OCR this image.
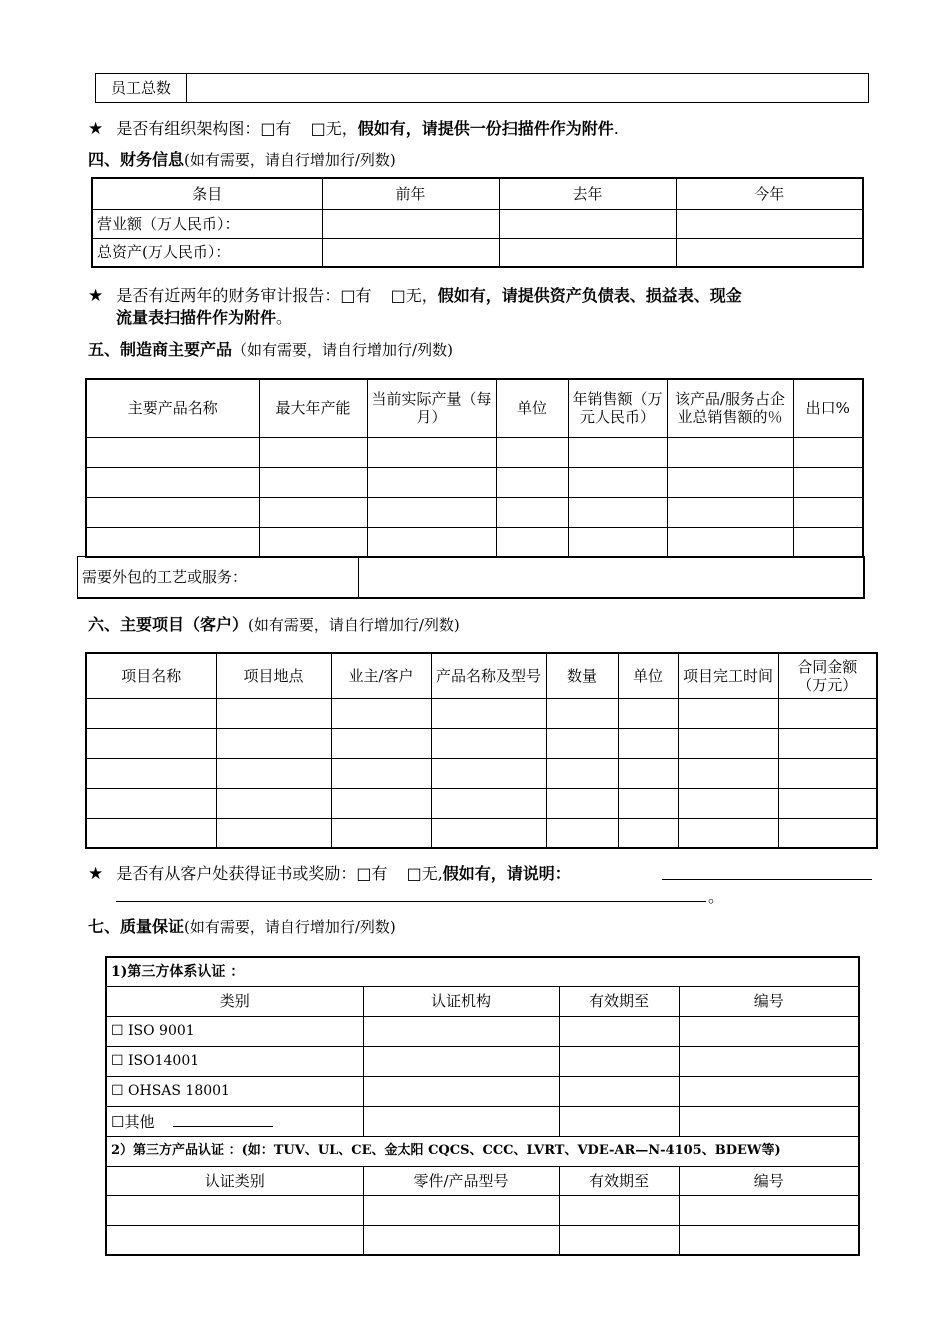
员工总数	
★ 是否有组织架构图：□有 □无，假如有，请提供一份扫描件作为附件.
四、财务信息(如有需要，请自行增加行/列数)
条目	前年	去年	今年
营业额（万人民币）：			
总资产(万人民币）：			
★ 是否有近两年的财务审计报告：□有 □无，假如有，请提供资产负债表、损益表、现金
流量表扫描件作为附件。
五、制造商主要产品（如有需要，请自行增加行/列数)
主要产品名称	最大年产能	当前实际产量（每月）	单位	年销售额（万元人民币）	该产品/服务占企业总销售额的％	出口%

需要外包的工艺或服务：	
六、主要项目（客户）(如有需要，请自行增加行/列数)
项目名称	项目地点	业主/客户	产品名称及型号	数量	单位	项目完工时间	合同金额（万元）

★ 是否有从客户处获得证书或奖励：□有 □无,假如有，请说明：
。
七、质量保证(如有需要，请自行增加行/列数)
1)第三方体系认证 ：			
类别	认证机构	有效期至	编号
☐ ISO 9001			
☐ ISO14001			
☐ OHSAS 18001			
☐其他			
2）第三方产品认证 ：(如：TUV、UL、CE、金太阳 CQCS、CCC、LVRT、VDE-AR—N-4105、BDEW等)			
认证类别	零件/产品型号	有效期至	编号
